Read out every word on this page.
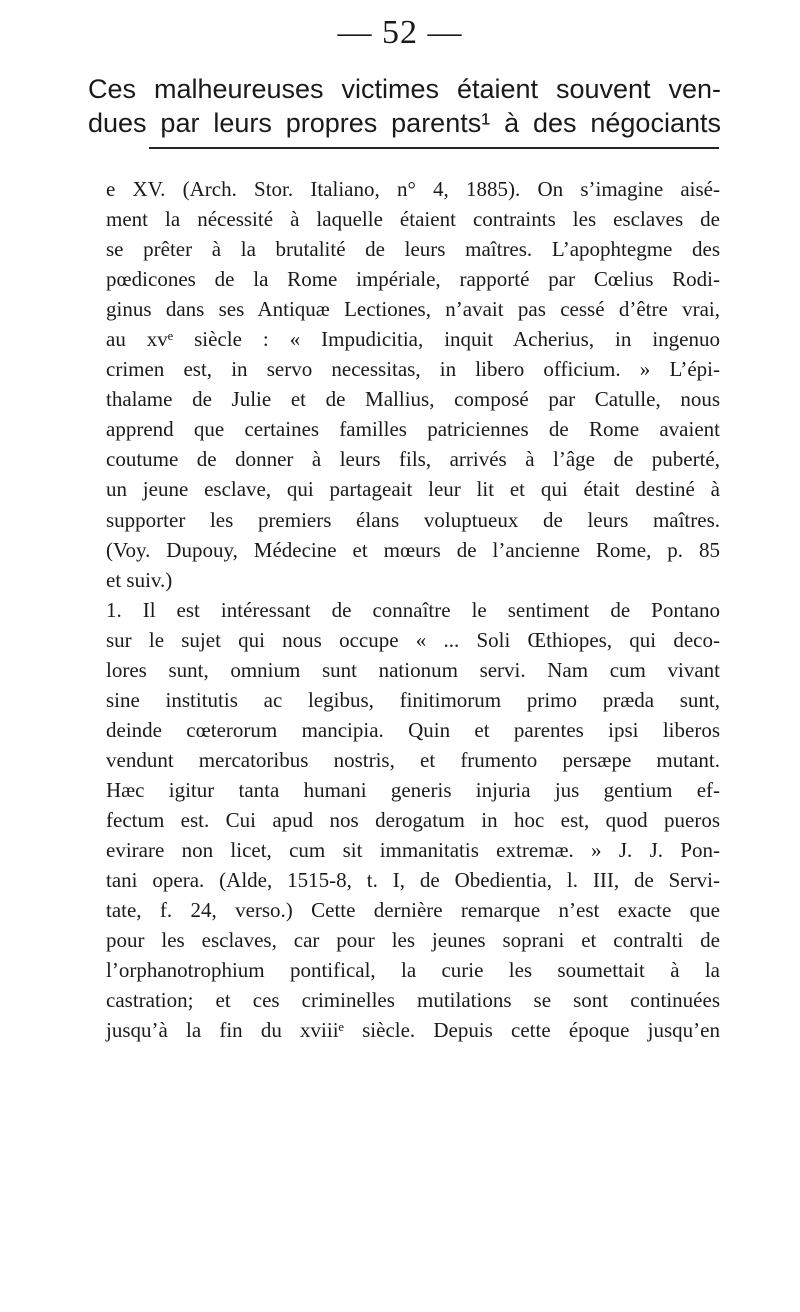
— 52 —
Ces malheureuses victimes étaient souvent ven-
dues par leurs propres parents¹ à des négociants
e XV. (Arch. Stor. Italiano, n° 4, 1885). On s’imagine aisé-
ment la nécessité à laquelle étaient contraints les esclaves de
se prêter à la brutalité de leurs maîtres. L’apophtegme des
pœdicones de la Rome impériale, rapporté par Cœlius Rodi-
ginus dans ses Antiquæ Lectiones, n’avait pas cessé d’être vrai,
au xvᵉ siècle : « Impudicitia, inquit Acherius, in ingenuo
crimen est, in servo necessitas, in libero officium. » L’épi-
thalame de Julie et de Mallius, composé par Catulle, nous
apprend que certaines familles patriciennes de Rome avaient
coutume de donner à leurs fils, arrivés à l’âge de puberté,
un jeune esclave, qui partageait leur lit et qui était destiné à
supporter les premiers élans voluptueux de leurs maîtres.
(Voy. Dupouy, Médecine et mœurs de l’ancienne Rome, p. 85
et suiv.)
1. Il est intéressant de connaître le sentiment de Pontano
sur le sujet qui nous occupe « ... Soli Œthiopes, qui deco-
lores sunt, omnium sunt nationum servi. Nam cum vivant
sine institutis ac legibus, finitimorum primo præda sunt,
deinde cœterorum mancipia. Quin et parentes ipsi liberos
vendunt mercatoribus nostris, et frumento persæpe mutant.
Hæc igitur tanta humani generis injuria jus gentium ef-
fectum est. Cui apud nos derogatum in hoc est, quod pueros
evirare non licet, cum sit immanitatis extremæ. » J. J. Pon-
tani opera. (Alde, 1515-8, t. I, de Obedientia, l. III, de Servi-
tate, f. 24, verso.) Cette dernière remarque n’est exacte que
pour les esclaves, car pour les jeunes soprani et contralti de
l’orphanotrophium pontifical, la curie les soumettait à la
castration; et ces criminelles mutilations se sont continuées
jusqu’à la fin du xviiiᵉ siècle. Depuis cette époque jusqu’en
